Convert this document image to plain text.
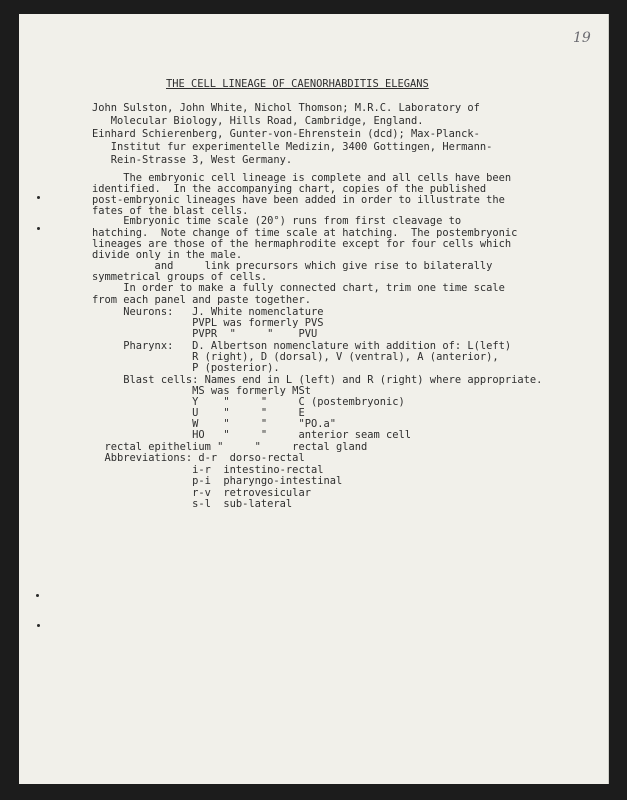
19
THE CELL LINEAGE OF CAENORHABDITIS ELEGANS
John Sulston, John White, Nichol Thomson; M.R.C. Laboratory of
Molecular Biology, Hills Road, Cambridge, England.
Einhard Schierenberg, Gunter-von-Ehrenstein (dcd); Max-Planck-
Institut fur experimentelle Medizin, 3400 Gottingen, Hermann-
Rein-Strasse 3, West Germany.
The embryonic cell lineage is complete and all cells have been
identified.  In the accompanying chart, copies of the published
post-embryonic lineages have been added in order to illustrate the
fates of the blast cells.
Embryonic time scale (20°) runs from first cleavage to
hatching.  Note change of time scale at hatching.  The postembryonic
lineages are those of the hermaphrodite except for four cells which
divide only in the male.
and     link precursors which give rise to bilaterally
symmetrical groups of cells.
In order to make a fully connected chart, trim one time scale
from each panel and paste together.
Neurons:   J. White nomenclature
PVPL was formerly PVS
PVPR  "     "    PVU
Pharynx:   D. Albertson nomenclature with addition of: L(left)
R (right), D (dorsal), V (ventral), A (anterior),
P (posterior).
Blast cells: Names end in L (left) and R (right) where appropriate.
MS was formerly MSt
Y    "     "     C (postembryonic)
U    "     "     E
W    "     "     "PO.a"
HO   "     "     anterior seam cell
rectal epithelium "     "     rectal gland
Abbreviations: d-r  dorso-rectal
i-r  intestino-rectal
p-i  pharyngo-intestinal
r-v  retrovesicular
s-l  sub-lateral
